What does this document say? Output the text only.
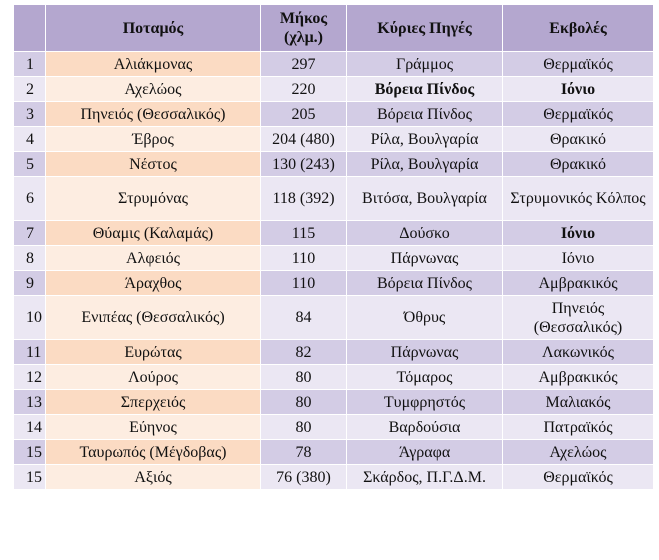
	Ποταμός	Μήκος (χλμ.)	Κύριες Πηγές	Εκβολές
1	Αλιάκμονας	297	Γράμμος	Θερμαϊκός
2	Αχελώος	220	Βόρεια Πίνδος	Ιόνιο
3	Πηνειός (Θεσσαλικός)	205	Βόρεια Πίνδος	Θερμαϊκός
4	Έβρος	204 (480)	Ρίλα, Βουλγαρία	Θρακικό
5	Νέστος	130 (243)	Ρίλα, Βουλγαρία	Θρακικό
6	Στρυμόνας	118 (392)	Βιτόσα, Βουλγαρία	Στρυμονικός Κόλπος
7	Θύαμις (Καλαμάς)	115	Δούσκο	Ιόνιο
8	Αλφειός	110	Πάρνωνας	Ιόνιο
9	Άραχθος	110	Βόρεια Πίνδος	Αμβρακικός
10	Ενιπέας (Θεσσαλικός)	84	Όθρυς	Πηνειός (Θεσσαλικός)
11	Ευρώτας	82	Πάρνωνας	Λακωνικός
12	Λούρος	80	Τόμαρος	Αμβρακικός
13	Σπερχειός	80	Τυμφρηστός	Μαλιακός
14	Εύηνος	80	Βαρδούσια	Πατραϊκός
15	Ταυρωπός (Μέγδοβας)	78	Άγραφα	Αχελώος
15	Αξιός	76 (380)	Σκάρδος, Π.Γ.Δ.Μ.	Θερμαϊκός
